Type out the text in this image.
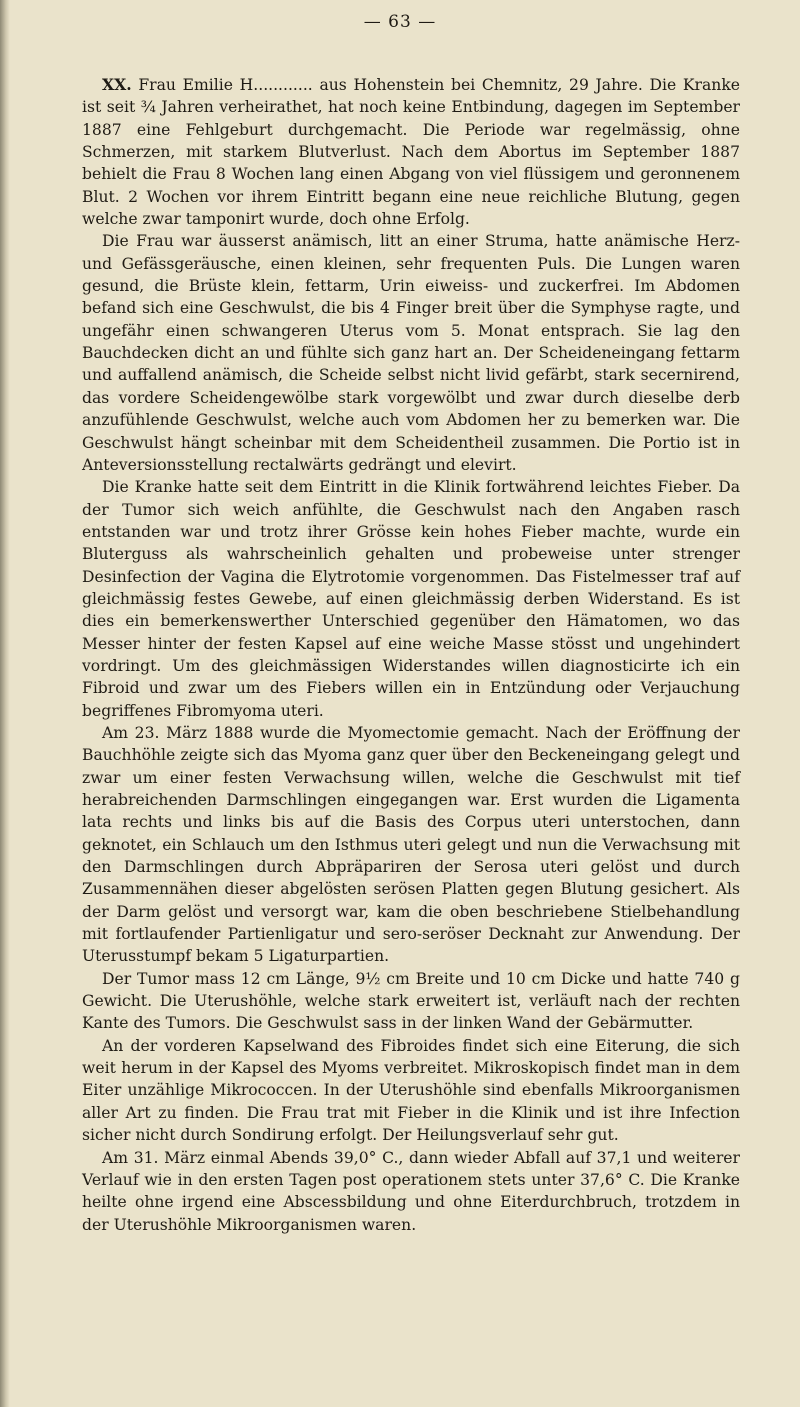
— 63 —

XX. Frau Emilie H............ aus Hohenstein bei Chemnitz, 29 Jahre. Die Kranke ist seit ¾ Jahren verheirathet, hat noch keine Entbindung, dagegen im September 1887 eine Fehlgeburt durchgemacht. Die Periode war regelmässig, ohne Schmerzen, mit starkem Blutverlust. Nach dem Abortus im September 1887 behielt die Frau 8 Wochen lang einen Abgang von viel flüssigem und geronnenem Blut. 2 Wochen vor ihrem Eintritt begann eine neue reichliche Blutung, gegen welche zwar tamponirt wurde, doch ohne Erfolg.

Die Frau war äusserst anämisch, litt an einer Struma, hatte anämische Herz- und Gefässgeräusche, einen kleinen, sehr frequenten Puls. Die Lungen waren gesund, die Brüste klein, fettarm, Urin eiweiss- und zuckerfrei. Im Abdomen befand sich eine Geschwulst, die bis 4 Finger breit über die Symphyse ragte, und ungefähr einen schwangeren Uterus vom 5. Monat entsprach. Sie lag den Bauchdecken dicht an und fühlte sich ganz hart an. Der Scheideneingang fettarm und auffallend anämisch, die Scheide selbst nicht livid gefärbt, stark secernirend, das vordere Scheidengewölbe stark vorgewölbt und zwar durch dieselbe derb anzufühlende Geschwulst, welche auch vom Abdomen her zu bemerken war. Die Geschwulst hängt scheinbar mit dem Scheidentheil zusammen. Die Portio ist in Anteversionsstellung rectalwärts gedrängt und elevirt.

Die Kranke hatte seit dem Eintritt in die Klinik fortwährend leichtes Fieber. Da der Tumor sich weich anfühlte, die Geschwulst nach den Angaben rasch entstanden war und trotz ihrer Grösse kein hohes Fieber machte, wurde ein Bluterguss als wahrscheinlich gehalten und probeweise unter strenger Desinfection der Vagina die Elytrotomie vorgenommen. Das Fistelmesser traf auf gleichmässig festes Gewebe, auf einen gleichmässig derben Widerstand. Es ist dies ein bemerkenswerther Unterschied gegenüber den Hämatomen, wo das Messer hinter der festen Kapsel auf eine weiche Masse stösst und ungehindert vordringt. Um des gleichmässigen Widerstandes willen diagnosticirte ich ein Fibroid und zwar um des Fiebers willen ein in Entzündung oder Verjauchung begriffenes Fibromyoma uteri.

Am 23. März 1888 wurde die Myomectomie gemacht. Nach der Eröffnung der Bauchhöhle zeigte sich das Myoma ganz quer über den Beckeneingang gelegt und zwar um einer festen Verwachsung willen, welche die Geschwulst mit tief herabreichenden Darmschlingen eingegangen war. Erst wurden die Ligamenta lata rechts und links bis auf die Basis des Corpus uteri unterstochen, dann geknotet, ein Schlauch um den Isthmus uteri gelegt und nun die Verwachsung mit den Darmschlingen durch Abpräpariren der Serosa uteri gelöst und durch Zusammennähen dieser abgelösten serösen Platten gegen Blutung gesichert. Als der Darm gelöst und versorgt war, kam die oben beschriebene Stielbehandlung mit fortlaufender Partienligatur und sero-seröser Decknaht zur Anwendung. Der Uterusstumpf bekam 5 Ligaturpartien.

Der Tumor mass 12 cm Länge, 9½ cm Breite und 10 cm Dicke und hatte 740 g Gewicht. Die Uterushöhle, welche stark erweitert ist, verläuft nach der rechten Kante des Tumors. Die Geschwulst sass in der linken Wand der Gebärmutter.

An der vorderen Kapselwand des Fibroides findet sich eine Eiterung, die sich weit herum in der Kapsel des Myoms verbreitet. Mikroskopisch findet man in dem Eiter unzählige Mikrococcen. In der Uterushöhle sind ebenfalls Mikroorganismen aller Art zu finden. Die Frau trat mit Fieber in die Klinik und ist ihre Infection sicher nicht durch Sondirung erfolgt. Der Heilungsverlauf sehr gut.

Am 31. März einmal Abends 39,0° C., dann wieder Abfall auf 37,1 und weiterer Verlauf wie in den ersten Tagen post operationem stets unter 37,6° C. Die Kranke heilte ohne irgend eine Abscessbildung und ohne Eiterdurchbruch, trotzdem in der Uterushöhle Mikroorganismen waren.
